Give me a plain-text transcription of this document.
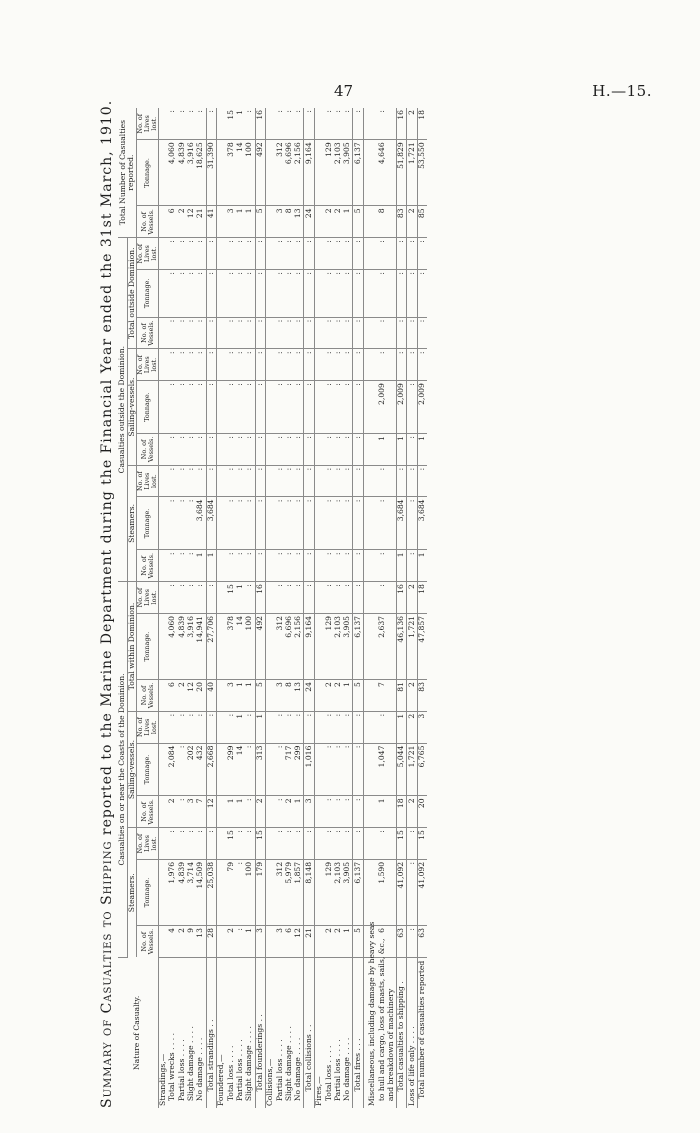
47	H.—15.
Summary of Casualties to Shipping reported to the Marine Department during the Financial Year ended the 31st March, 1910.
Nature of Casualty.	Casualties on or near the Coasts of the Dominion.									Casualties outside the Dominion.									Total Number of Casualties reported.		
	Steamers.			Sailing-vessels.			Total within Dominion.			Steamers.			Sailing-vessels.			Total outside Dominion.					
	No. of Vessels.	Tonnage.	No. of Lives lost.	No. of Vessels.	Tonnage.	No. of Lives lost.	No. of Vessels.	Tonnage.	No. of Lives lost.	No. of Vessels.	Tonnage.	No. of Lives lost.	No. of Vessels.	Tonnage.	No. of Lives lost.	No. of Vessels.	Tonnage.	No. of Lives lost.	No. of Vessels.	Tonnage.	No. of Lives lost.
Strandings,—																					
Total wrecks . . . .	4	1,976	:	2	2,084	:	6	4,060	:	:	:	:	:	:	:	:	:	:	6	4,060	:
Partial loss . . . .	2	4,839	:	:	:	:	2	4,839	:	:	:	:	:	:	:	:	:	:	2	4,839	:
Slight damage . . . .	9	3,714	:	3	202	:	12	3,916	:	:	:	:	:	:	:	:	:	:	12	3,916	:
No damage . . . .	13	14,509	:	7	432	:	20	14,941	:	1	3,684	:	:	:	:	:	:	:	21	18,625	:
Total strandings . .	28	25,038	:	12	2,668	:	40	27,706	:	1	3,684	:	:	:	:	:	:	:	41	31,390	:
Foundered,—																					
Total loss . . . .	2	79	15	1	299	:	3	378	15	:	:	:	:	:	:	:	:	:	3	378	15
Partial loss . . . .	:	:	:	1	14	1	1	14	1	:	:	:	:	:	:	:	:	:	1	14	1
Slight damage . . . .	1	100	:	:	:	:	1	100	:	:	:	:	:	:	:	:	:	:	1	100	:
Total founderings . .	3	179	15	2	313	1	5	492	16	:	:	:	:	:	:	:	:	:	5	492	16
Collisions,—																					
Partial loss . . . .	3	312	:	:	:	:	3	312	:	:	:	:	:	:	:	:	:	:	3	312	:
Slight damage . . . .	6	5,979	:	2	717	:	8	6,696	:	:	:	:	:	:	:	:	:	:	8	6,696	:
No damage . . . .	12	1,857	:	1	299	:	13	2,156	:	:	:	:	:	:	:	:	:	:	13	2,156	:
Total collisions . .	21	8,148	:	3	1,016	:	24	9,164	:	:	:	:	:	:	:	:	:	:	24	9,164	:
Fires,—																					
Total loss . . . .	2	129	:	:	:	:	2	129	:	:	:	:	:	:	:	:	:	:	2	129	:
Partial loss . . . .	2	2,103	:	:	:	:	2	2,103	:	:	:	:	:	:	:	:	:	:	2	2,103	:
No damage . . . .	1	3,905	:	:	:	:	1	3,905	:	:	:	:	:	:	:	:	:	:	1	3,905	:
Total fires . . .	5	6,137	:	:	:	:	5	6,137	:	:	:	:	:	:	:	:	:	:	5	6,137	:

Miscellaneous, including damage by heavy seas																					
to hull and cargo, loss of masts, sails, &c.,	6	1,590	:	1	1,047	:	7	2,637	:	:	:	:	1	2,009	:	:	:	:	8	4,646	:
and breakdown of machinery																					
Total casualties to shipping .	63	41,092	15	18	5,044	1	81	46,136	16	1	3,684	:	1	2,009	:	:	:	:	83	51,829	16
Loss of life only . . . .	:	:	:	2	1,721	2	2	1,721	2	:	:	:	:	:	:	:	:	:	2	1,721	2
Total number of casualties reported	63	41,092	15	20	6,765	3	83	47,857	18	1	3,684	:	1	2,009	:	:	:	:	85	53,550	18
